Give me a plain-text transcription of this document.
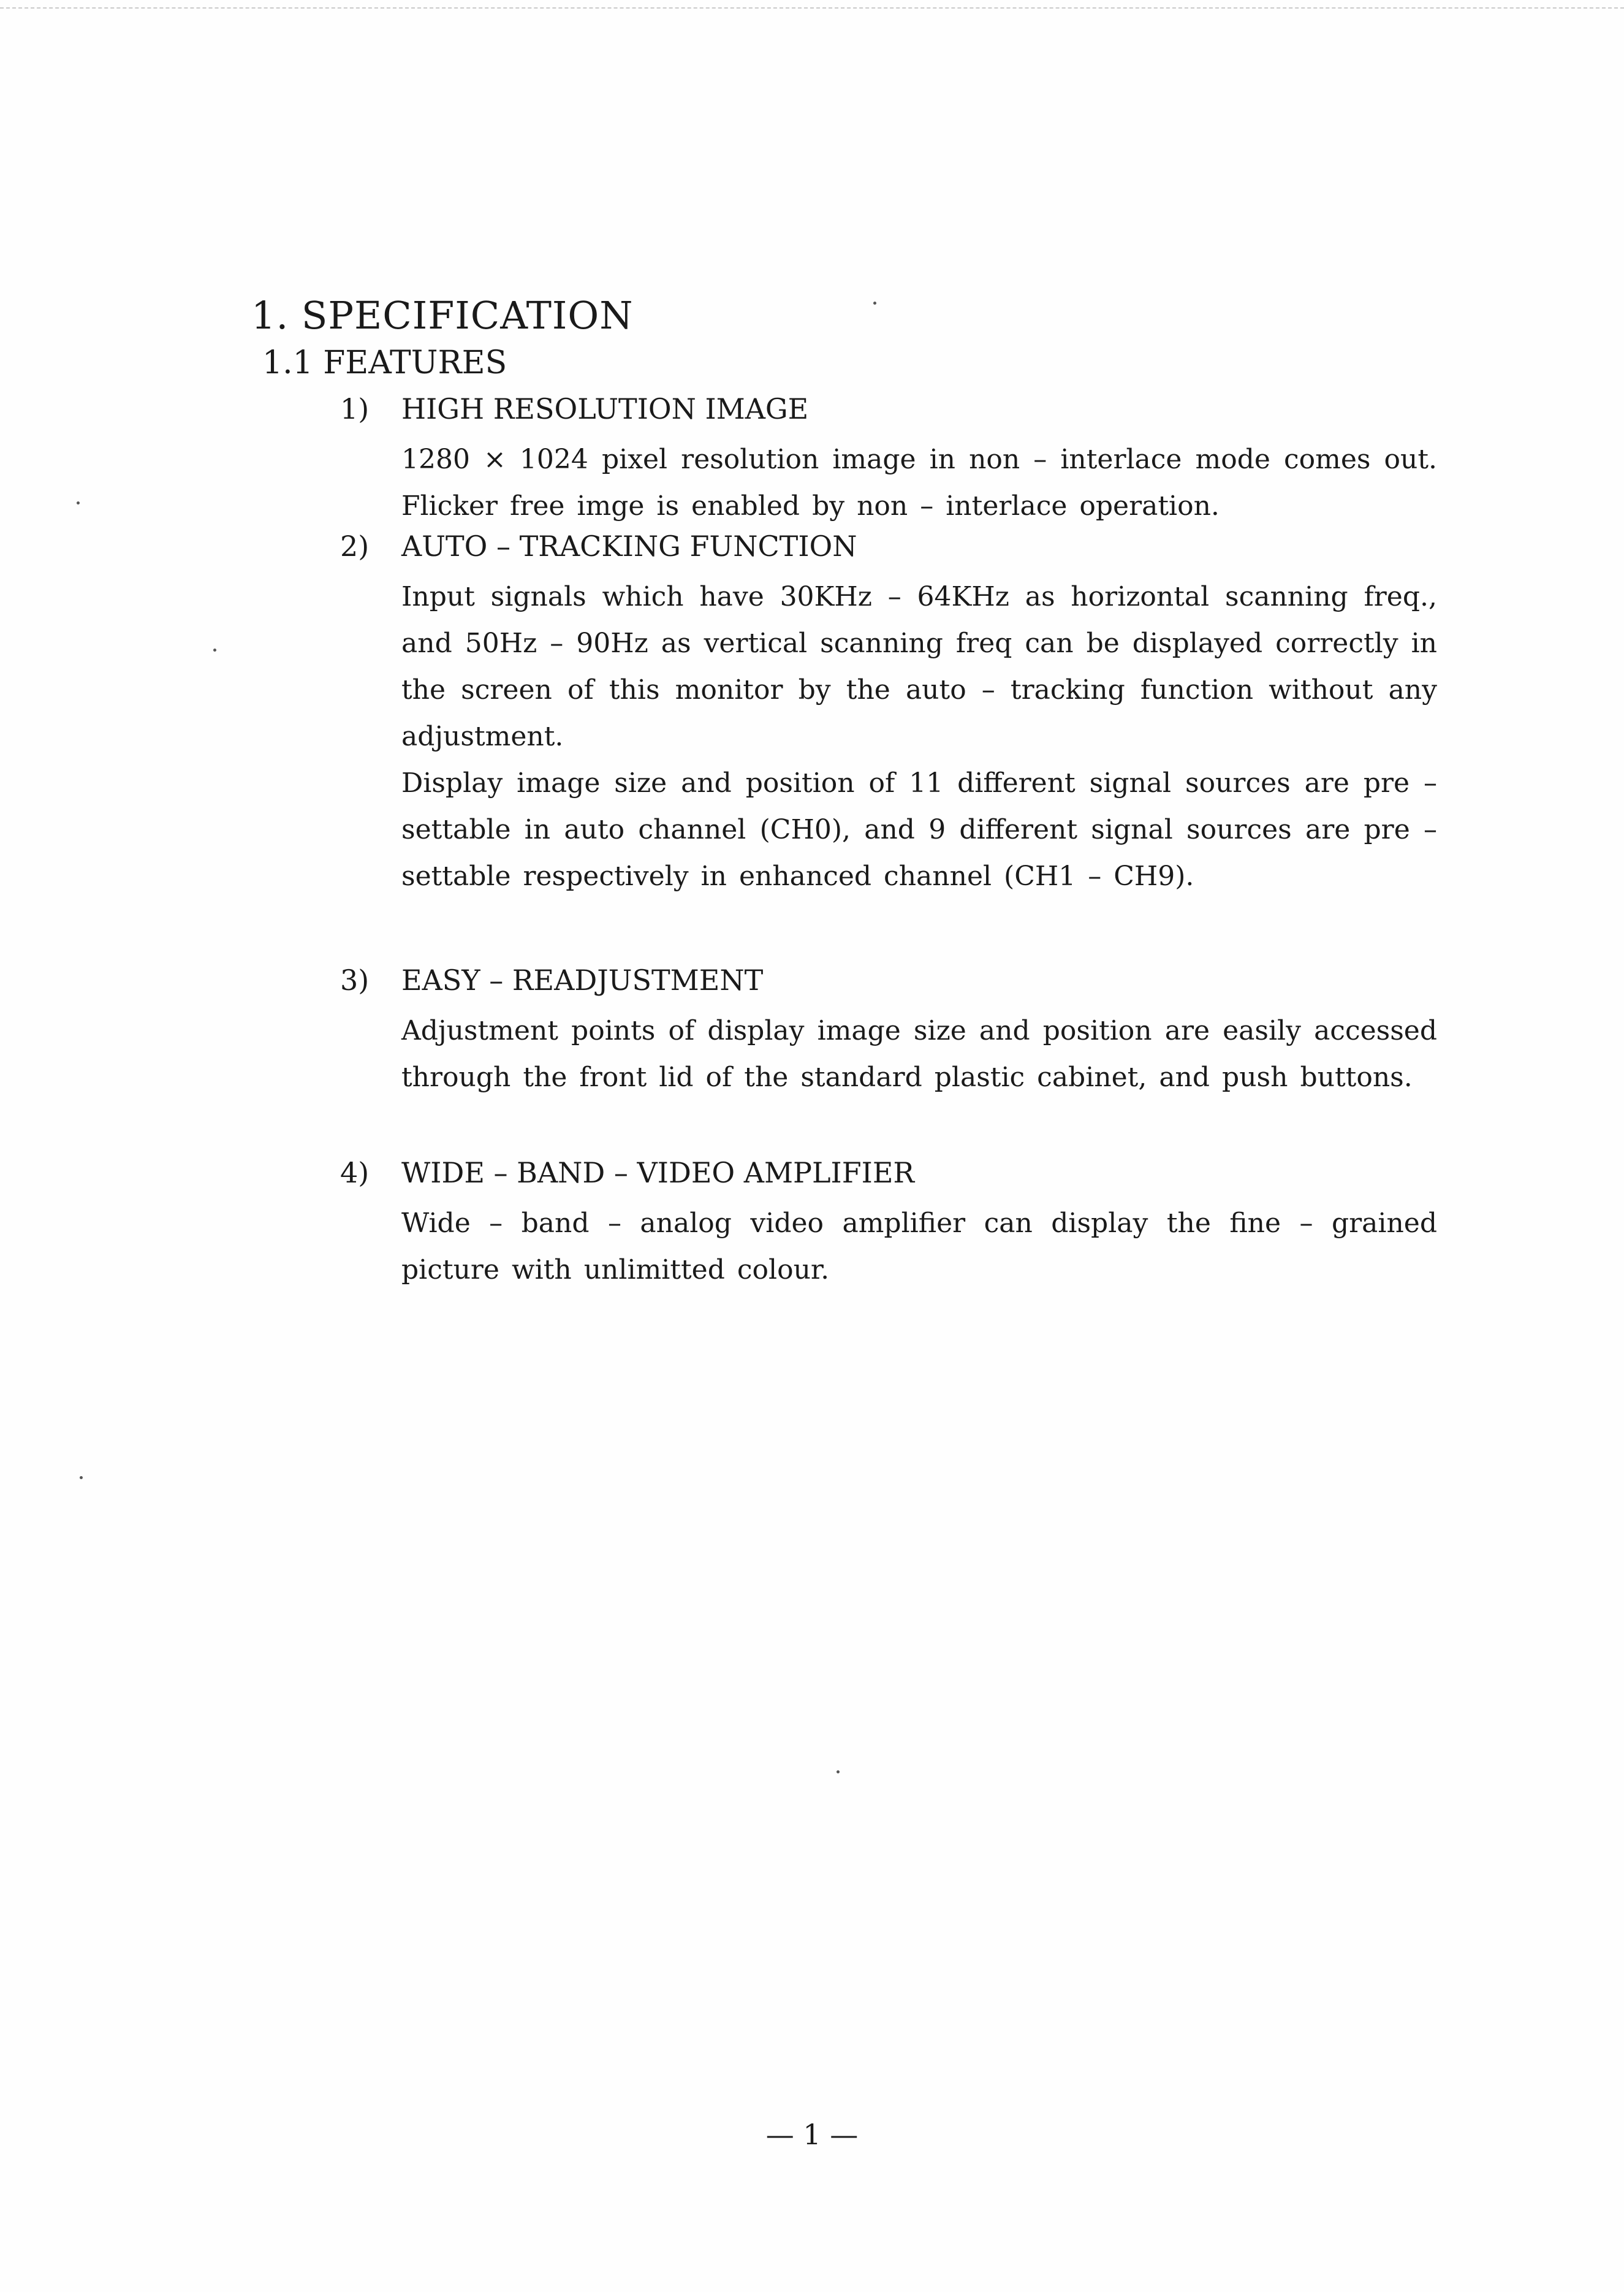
1. SPECIFICATION
1.1 FEATURES
1)	HIGH RESOLUTION IMAGE

1280 × 1024 pixel resolution image in non – interlace mode comes out. Flicker free imge is enabled by non – interlace operation.

2)	AUTO – TRACKING FUNCTION

Input signals which have 30KHz – 64KHz as horizontal scanning freq., and 50Hz – 90Hz as vertical scanning freq can be displayed correctly in the screen of this monitor by the auto – tracking function without any adjustment.

Display image size and position of 11 different signal sources are pre – settable in auto channel (CH0), and 9 different signal sources are pre – settable respectively in enhanced channel (CH1 – CH9).

3)	EASY – READJUSTMENT

Adjustment points of display image size and position are easily accessed through the front lid of the standard plastic cabinet, and push buttons.

4)	WIDE – BAND – VIDEO AMPLIFIER

Wide – band – analog video amplifier can display the fine – grained picture with unlimitted colour.

— 1 —
